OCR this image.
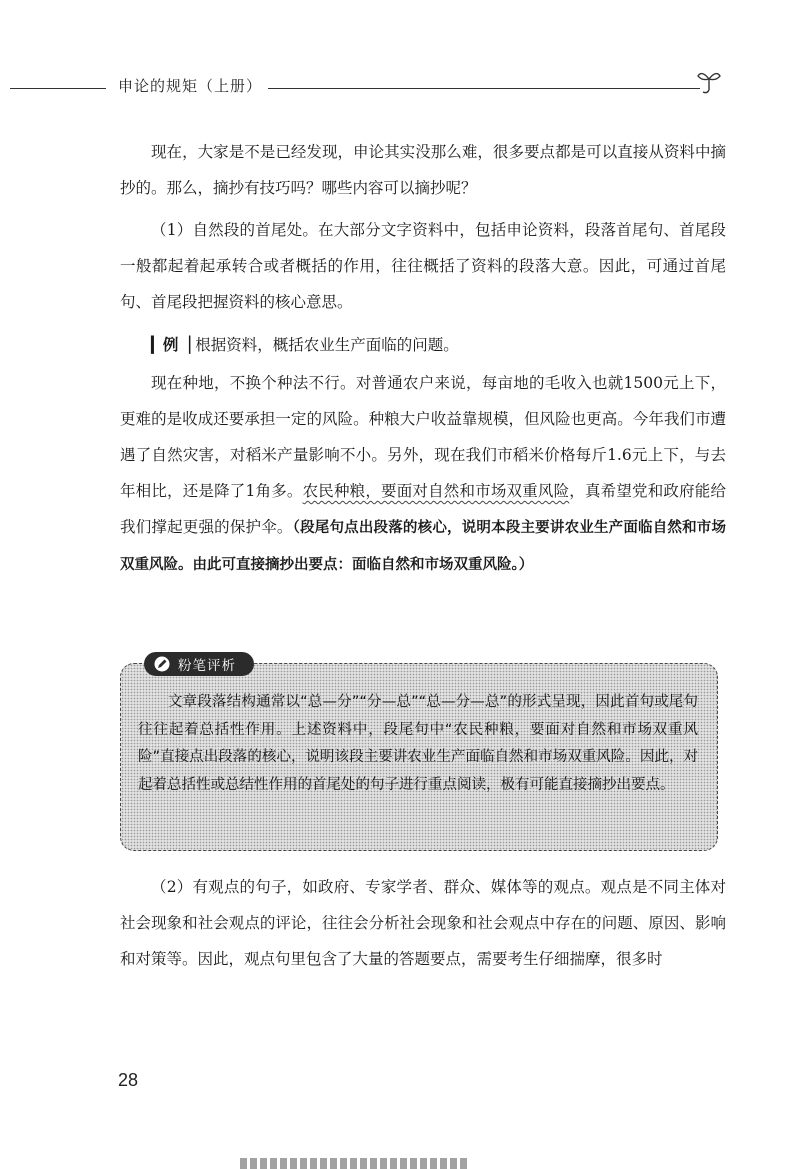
申论的规矩（上册）

现在，大家是不是已经发现，申论其实没那么难，很多要点都是可以直接从资料中摘抄的。那么，摘抄有技巧吗？哪些内容可以摘抄呢？

（1）自然段的首尾处。在大部分文字资料中，包括申论资料，段落首尾句、首尾段一般都起着起承转合或者概括的作用，往往概括了资料的段落大意。因此，可通过首尾句、首尾段把握资料的核心意思。

▎例▕ 根据资料，概括农业生产面临的问题。

现在种地，不换个种法不行。对普通农户来说，每亩地的毛收入也就1500元上下，更难的是收成还要承担一定的风险。种粮大户收益靠规模，但风险也更高。今年我们市遭遇了自然灾害，对稻米产量影响不小。另外，现在我们市稻米价格每斤1.6元上下，与去年相比，还是降了1角多。农民种粮，要面对自然和市场双重风险，真希望党和政府能给我们撑起更强的保护伞。（段尾句点出段落的核心，说明本段主要讲农业生产面临自然和市场双重风险。由此可直接摘抄出要点：面临自然和市场双重风险。）

粉笔评析

文章段落结构通常以“总—分”“分—总”“总—分—总”的形式呈现，因此首句或尾句往往起着总括性作用。上述资料中，段尾句中“农民种粮，要面对自然和市场双重风险”直接点出段落的核心，说明该段主要讲农业生产面临自然和市场双重风险。因此，对起着总括性或总结性作用的首尾处的句子进行重点阅读，极有可能直接摘抄出要点。

（2）有观点的句子，如政府、专家学者、群众、媒体等的观点。观点是不同主体对社会现象和社会观点的评论，往往会分析社会现象和社会观点中存在的问题、原因、影响和对策等。因此，观点句里包含了大量的答题要点，需要考生仔细揣摩，很多时

28
